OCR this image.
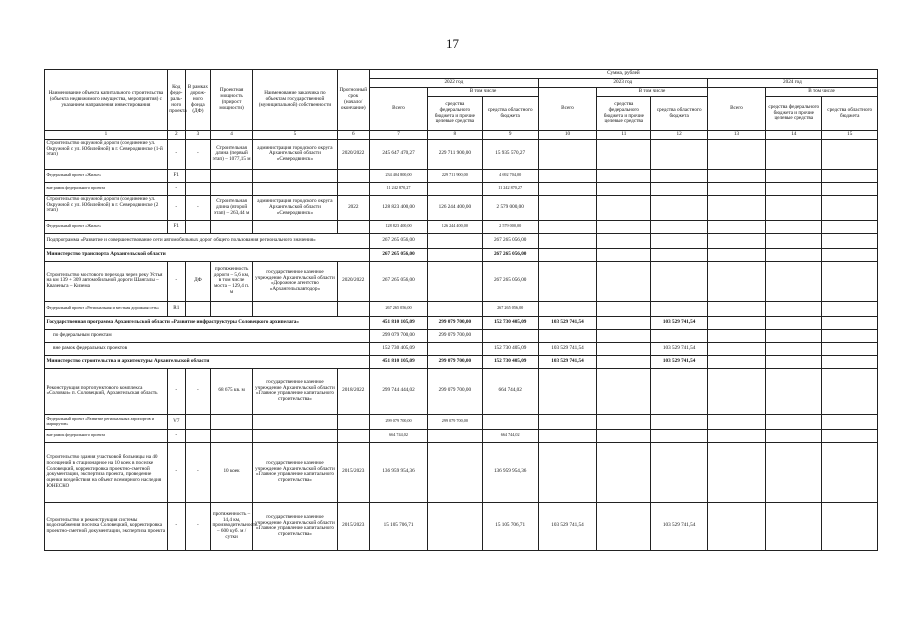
17
Наименование объекта капитального строительства (объекта недвижимого имущества, мероприятия) с указанием направления инвестирования	Код феде-раль-ного проекта	В рамках дорож-ного фонда (ДФ)	Проектная мощность (прирост мощности)	Наименование заказчика по объектам государственной (муниципальной) собственности	Прогнозный срок (начало/окончание)	Сумма, рублей								
						2022 год			2023 год			2024 год		
						Всего	В том числе		Всего	В том числе		Всего	В том числе	
							средства федерального бюджета и прочие целевые средства	средства областного бюджета		средства федерального бюджета и прочие целевые средства	средства областного бюджета		средства федерального бюджета и прочие целевые средства	средства областного бюджета
1	2	3	4	5	6	7	8	9	10	11	12	13	14	15
Строительство окружной дороги (соединение ул. Окружной с ул. Юбилейной) в г. Северодвинске (1-й этап)	-	-	Строительная длина (первый этап) – 1077,15 м	администрация городского округа Архангельской области «Северодвинск»	2020/2022	245 647 470,27	229 711 900,00	15 935 570,27						
Федеральный проект «Жилье»	F1					234 404 800,00	229 711 900,00	4 692 704,00						
вне рамок федерального проекта	-					11 242 870,27		11 242 870,27						
Строительство окружной дороги (соединение ул. Окружной с ул. Юбилейной) в г. Северодвинске (2 этап)	-	-	Строительная длина (второй этап) – 263,44 м	администрация городского округа Архангельской области «Северодвинск»	2022	128 823 400,00	126 244 400,00	2 579 000,00						
Федеральный проект «Жилье»	F1					128 823 400,00	126 244 400,00	2 579 000,00						
Подпрограмма «Развитие и совершенствование сети автомобильных дорог общего пользования регионального значения»						267 265 056,00		267 265 056,00						
Министерство транспорта Архангельской области						267 265 056,00		267 265 056,00						
Строительство мостового перехода через реку Устья на км 139 + 309 автомобильной дороги Шангалы – Квазеньга – Кизема	-	ДФ	протяженность дороги – 5,6 км, в том числе моста – 129,4 п. м	государственное казенное учреждение Архангельской области «Дорожное агентство «Архангельскавтодор»	2020/2022	267 265 056,00		267 265 056,00						
Федеральный проект «Региональная и местная дорожная сеть»	R1					267 265 056,00		267 265 056,00						
Государственная программа Архангельской области «Развитие инфраструктуры Соловецкого архипелага»						451 810 105,09	299 079 700,00	152 730 405,09	103 529 741,54		103 529 741,54			
по федеральным проектам						299 079 700,00	299 079 700,00							
вне рамок федеральных проектов						152 730 405,09		152 730 405,09	103 529 741,54		103 529 741,54			
Министерство строительства и архитектуры Архангельской области						451 810 105,09	299 079 700,00	152 730 405,09	103 529 741,54		103 529 741,54			
Реконструкция портопунктового комплекса «Соловки» п. Соловецкий, Архангельская область	-	-	68 675 кв. м	государственное казенное учреждение Архангельской области «Главное управление капитального строительства»	2018/2022	299 744 444,02	299 079 700,00	664 744,02						
Федеральный проект «Развитие региональных аэропортов и маршрутов»	V7					299 079 700,00	299 079 700,00							
вне рамок федерального проекта	-					664 744,02		664 744,02						
Строительство здания участковой больницы на 40 посещений в стационарное на 10 коек в поселке Соловецкий, корректировка проектно-сметной документации, экспертиза проекта, проведение оценки воздействия на объект всемирного наследия ЮНЕСКО	-	-	10 коек	государственное казенное учреждение Архангельской области «Главное управление капитального строительства»	2015/2023	136 959 954,36		136 959 954,36						
Строительство и реконструкция системы водоснабжения поселка Соловецкий, корректировка проектно-сметной документации, экспертиза проекта	-	-	протяженность – 14,4 км, производительность – 600 куб. м / сутки	государственное казенное учреждение Архангельской области «Главное управление капитального строительства»	2015/2023	15 105 706,71		15 105 706,71	103 529 741,54		103 529 741,54			
